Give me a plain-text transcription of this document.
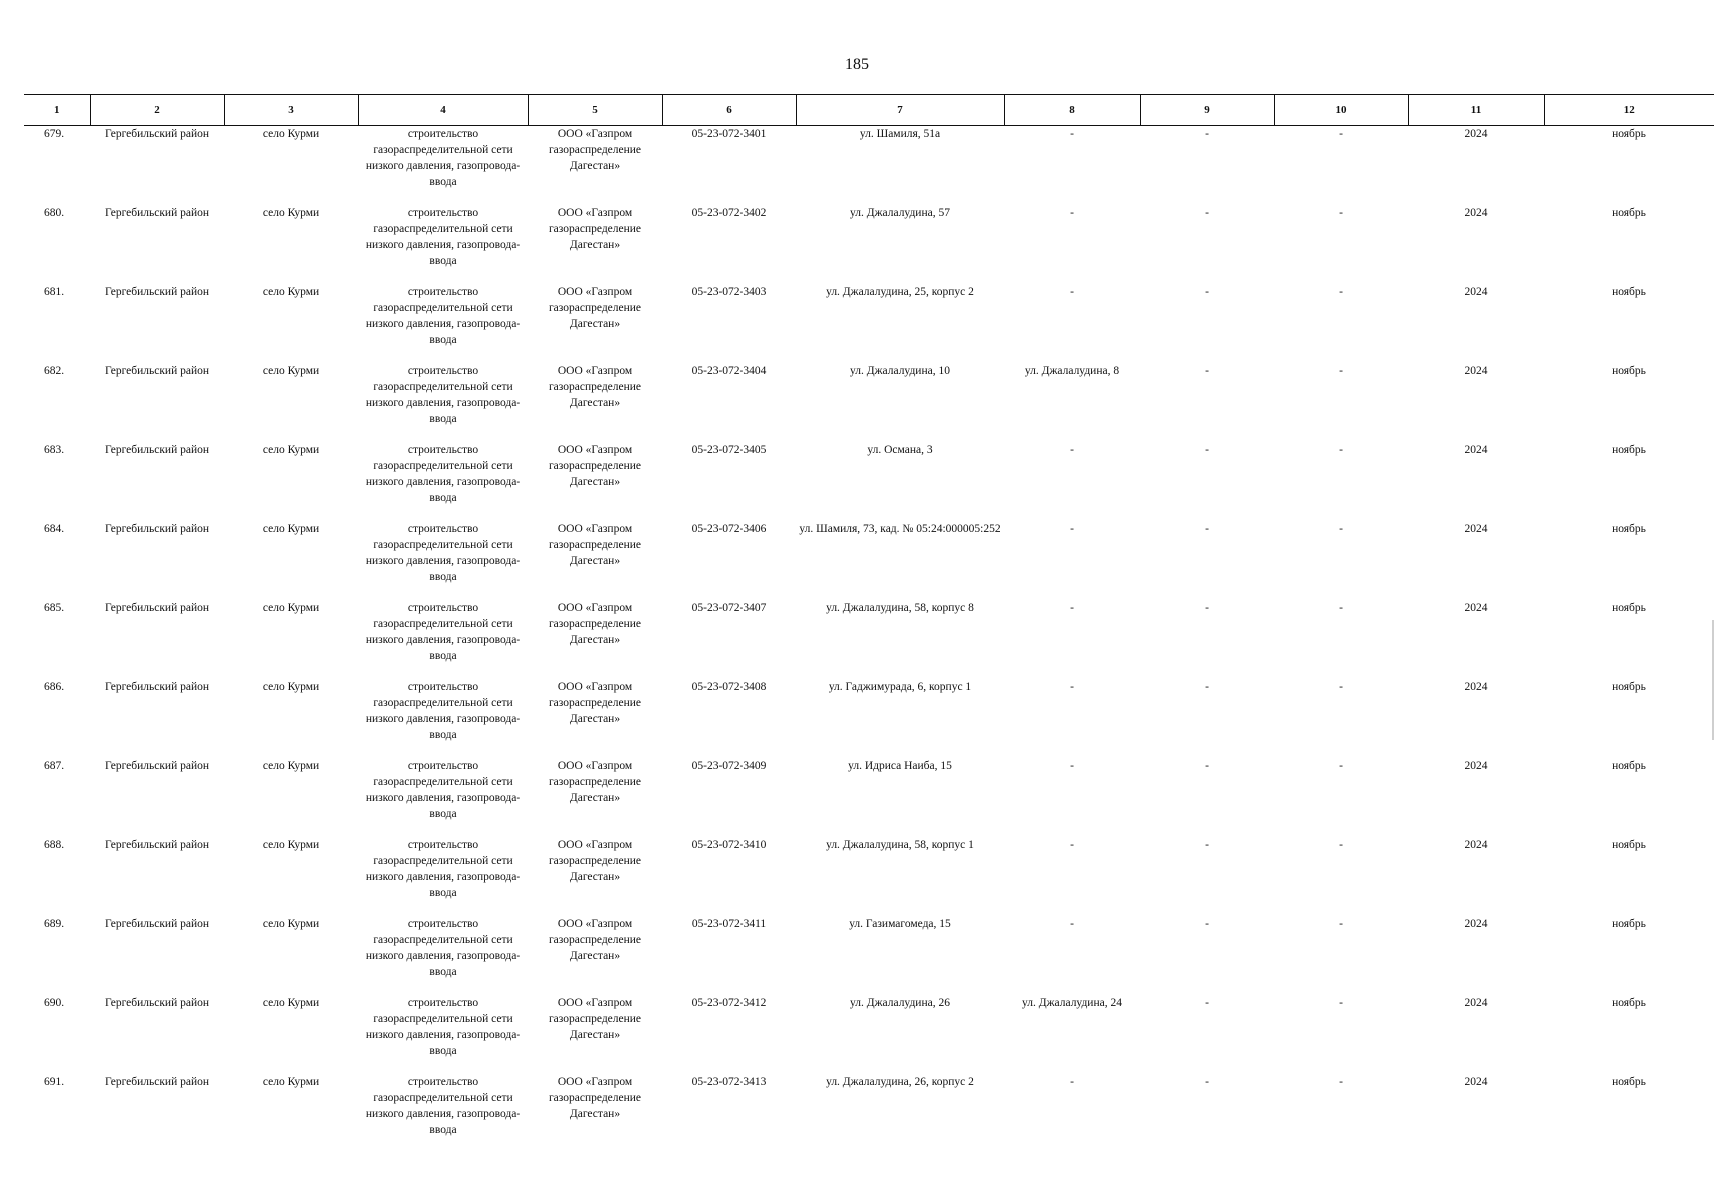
185
1	2	3	4	5	6	7	8	9	10	11	12
679.	Гергебильский район	село Курми	строительство газораспределительной сети низкого давления, газопровода-ввода	ООО «Газпром газораспределение Дагестан»	05-23-072-3401	ул. Шамиля, 51а	-	-	-	2024	ноябрь
680.	Гергебильский район	село Курми	строительство газораспределительной сети низкого давления, газопровода-ввода	ООО «Газпром газораспределение Дагестан»	05-23-072-3402	ул. Джалалудина, 57	-	-	-	2024	ноябрь
681.	Гергебильский район	село Курми	строительство газораспределительной сети низкого давления, газопровода-ввода	ООО «Газпром газораспределение Дагестан»	05-23-072-3403	ул. Джалалудина, 25, корпус 2	-	-	-	2024	ноябрь
682.	Гергебильский район	село Курми	строительство газораспределительной сети низкого давления, газопровода-ввода	ООО «Газпром газораспределение Дагестан»	05-23-072-3404	ул. Джалалудина, 10	ул. Джалалудина, 8	-	-	2024	ноябрь
683.	Гергебильский район	село Курми	строительство газораспределительной сети низкого давления, газопровода-ввода	ООО «Газпром газораспределение Дагестан»	05-23-072-3405	ул. Османа, 3	-	-	-	2024	ноябрь
684.	Гергебильский район	село Курми	строительство газораспределительной сети низкого давления, газопровода-ввода	ООО «Газпром газораспределение Дагестан»	05-23-072-3406	ул. Шамиля, 73, кад. № 05:24:000005:252	-	-	-	2024	ноябрь
685.	Гергебильский район	село Курми	строительство газораспределительной сети низкого давления, газопровода-ввода	ООО «Газпром газораспределение Дагестан»	05-23-072-3407	ул. Джалалудина, 58, корпус 8	-	-	-	2024	ноябрь
686.	Гергебильский район	село Курми	строительство газораспределительной сети низкого давления, газопровода-ввода	ООО «Газпром газораспределение Дагестан»	05-23-072-3408	ул. Гаджимурада, 6, корпус 1	-	-	-	2024	ноябрь
687.	Гергебильский район	село Курми	строительство газораспределительной сети низкого давления, газопровода-ввода	ООО «Газпром газораспределение Дагестан»	05-23-072-3409	ул. Идриса Наиба, 15	-	-	-	2024	ноябрь
688.	Гергебильский район	село Курми	строительство газораспределительной сети низкого давления, газопровода-ввода	ООО «Газпром газораспределение Дагестан»	05-23-072-3410	ул. Джалалудина, 58, корпус 1	-	-	-	2024	ноябрь
689.	Гергебильский район	село Курми	строительство газораспределительной сети низкого давления, газопровода-ввода	ООО «Газпром газораспределение Дагестан»	05-23-072-3411	ул. Газимагомеда, 15	-	-	-	2024	ноябрь
690.	Гергебильский район	село Курми	строительство газораспределительной сети низкого давления, газопровода-ввода	ООО «Газпром газораспределение Дагестан»	05-23-072-3412	ул. Джалалудина, 26	ул. Джалалудина, 24	-	-	2024	ноябрь
691.	Гергебильский район	село Курми	строительство газораспределительной сети низкого давления, газопровода-ввода	ООО «Газпром газораспределение Дагестан»	05-23-072-3413	ул. Джалалудина, 26, корпус 2	-	-	-	2024	ноябрь
